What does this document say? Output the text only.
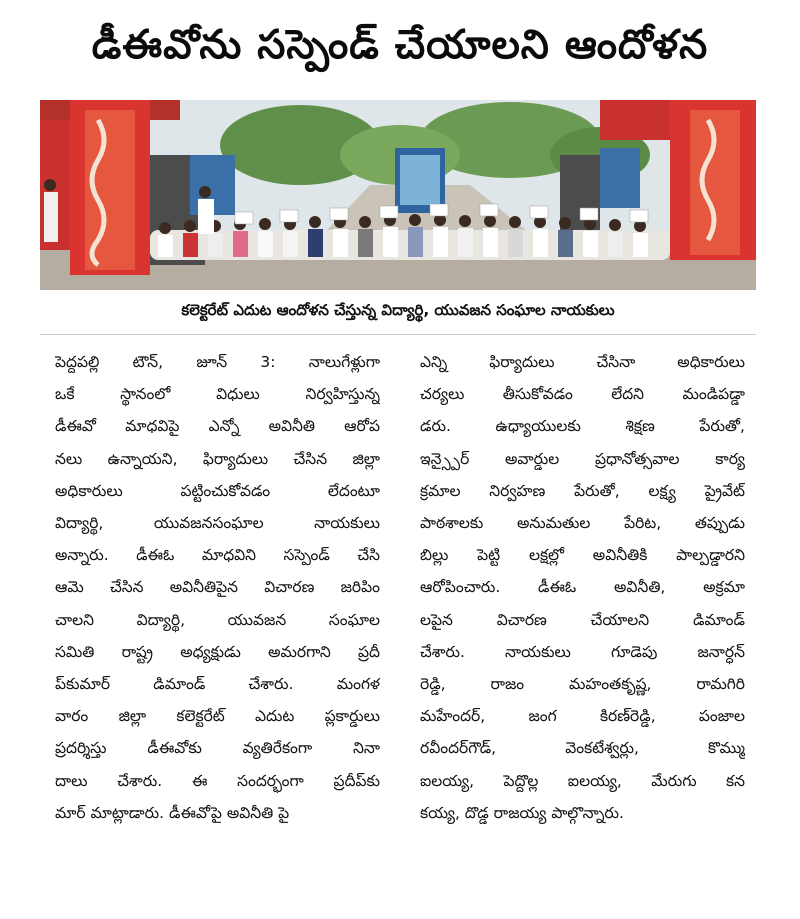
డీఈవోను సస్పెండ్‌ చేయాలని ఆందోళన
కలెక్టరేట్‌ ఎదుట ఆందోళన చేస్తున్న విద్యార్థి, యువజన సంఘాల నాయకులు
పెద్దపల్లి టౌన్‌, జూన్‌ 3: నాలుగేళ్లుగా
ఒకే స్థానంలో విధులు నిర్వహిస్తున్న
డీఈవో మాధవిపై ఎన్నో అవినీతి ఆరోప
నలు ఉన్నాయని, ఫిర్యాదులు చేసిన జిల్లా
అధికారులు పట్టించుకోవడం లేదంటూ
విద్యార్థి, యువజనసంఘాల నాయకులు
అన్నారు. డీఈఓ మాధవిని సస్పెండ్‌ చేసి
ఆమె చేసిన అవినీతిపైన విచారణ జరిపిం
చాలని విద్యార్థి, యువజన సంఘాల
సమితి రాష్ట్ర అధ్యక్షుడు అమరగాని ప్రదీ
ప్‌కుమార్‌ డిమాండ్‌ చేశారు. మంగళ
వారం జిల్లా కలెక్టరేట్‌ ఎదుట ప్లకార్డులు
ప్రదర్శిస్తు డీఈవోకు వ్యతిరేకంగా నినా
దాలు చేశారు. ఈ సందర్భంగా ప్రదీప్‌కు
మార్‌ మాట్లాడారు. డీఈవోపై అవినీతి పై
ఎన్ని ఫిర్యాదులు చేసినా అధికారులు
చర్యలు తీసుకోవడం లేదని మండిపడ్డా
డరు. ఉధ్యాయులకు శిక్షణ పేరుతో,
ఇన్స్పైర్‌ అవార్డుల ప్రధానోత్సవాల కార్య
క్రమాల నిర్వహణ పేరుతో, లక్ష్య ప్రైవేట్‌
పాఠశాలకు అనుమతుల పేరిట, తప్పుడు
బిల్లు పెట్టి లక్షల్లో అవినీతికి పాల్పడ్డారని
ఆరోపించారు. డీఈఓ అవినీతి, అక్రమా
లపైన విచారణ చేయాలని డిమాండ్‌
చేశారు. నాయకులు గూడెపు జనార్ధన్‌
రెడ్డి, రాజం మహంతకృష్ణ, రామగిరి
మహేందర్‌, జంగ కిరణ్‌రెడ్డి, పంజాల
రవీందర్‌గౌడ్‌, వెంకటేశ్వర్లు, కొమ్ము
ఐలయ్య, పెద్దొల్ల ఐలయ్య, మేరుగు కన
కయ్య, దొడ్డ రాజయ్య పాల్గొన్నారు.
